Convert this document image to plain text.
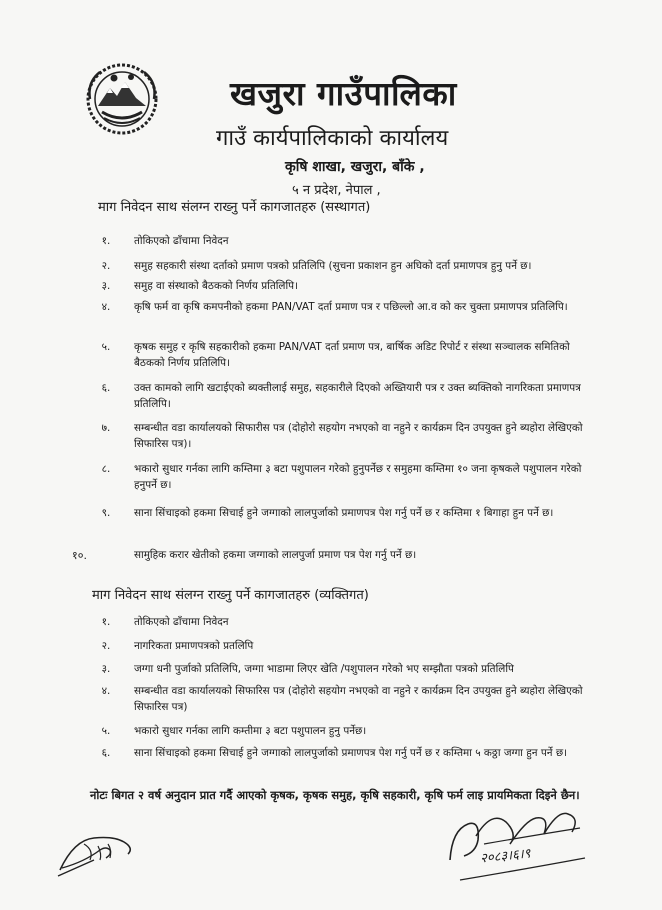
खजुरा गाउँपालिका
गाउँ कार्यपालिकाको कार्यालय
कृषि शाखा, खजुरा, बाँके ,
५ न प्रदेश, नेपाल ,
माग निवेदन साथ संलग्न राख्नु पर्ने कागजातहरु (सस्थागत)
१.	तोकिएको ढाँचामा निवेदन
२.	समुह सहकारी संस्था दर्ताको प्रमाण पत्रको प्रतिलिपि (सुचना प्रकाशन हुन अघिको दर्ता प्रमाणपत्र हुनु पर्ने छ।
३.	समुह वा संस्थाको बैठकको निर्णय प्रतिलिपि।
४.	कृषि फर्म वा कृषि कमपनीको हकमा PAN/VAT दर्ता प्रमाण पत्र र पछिल्लो आ.व को कर चुक्ता प्रमाणपत्र प्रतिलिपि।
५.	कृषक समुह र कृषि सहकारीको हकमा PAN/VAT दर्ता प्रमाण पत्र, बार्षिक अडिट रिपोर्ट र संस्था सञ्चालक समितिको बैठकको निर्णय प्रतिलिपि।
६.	उक्त कामको लागि खटाईएको ब्यक्तीलाई समुह, सहकारीले दिएको अख्तियारी पत्र र उक्त ब्यक्तिको नागरिकता प्रमाणपत्र प्रतिलिपि।
७.	सम्बन्धीत वडा कार्यालयको सिफारीस पत्र (दोहोरो सहयोग नभएको वा नहुने र कार्यक्रम दिन उपयुक्त हुने ब्यहोरा लेखिएको सिफारिस पत्र)।
८.	भकारो सुधार गर्नका लागि कम्तिमा ३ बटा पशुपालन गरेको हुनुपर्नेछ र समुहमा कम्तिमा १० जना कृषकले पशुपालन गरेको हनुपर्ने छ।
९.	साना सिंचाइको हकमा सिचाई हुने जग्गाको लालपुर्जाको प्रमाणपत्र पेश गर्नु पर्ने छ र कम्तिमा १ बिगाहा हुन पर्ने छ।
१०.	सामुहिक करार खेतीको हकमा जग्गाको लालपुर्जा प्रमाण पत्र पेश गर्नु पर्ने छ।
माग निवेदन साथ संलग्न राख्नु पर्ने कागजातहरु (व्यक्तिगत)
१.	तोकिएको ढाँचामा निवेदन
२.	नागरिकता प्रमाणपत्रको प्रतलिपि
३.	जग्गा धनी पुर्जाको प्रतिलिपि, जग्गा भाडामा लिएर खेति /पशुपालन गरेको भए सम्झौता पत्रको प्रतिलिपि
४.	सम्बन्धीत वडा कार्यालयको सिफारिस पत्र (दोहोरो सहयोग नभएको वा नहुने र कार्यक्रम दिन उपयुक्त हुने ब्यहोरा लेखिएको सिफारिस पत्र)
५.	भकारो सुधार गर्नका लागि कम्तीमा ३ बटा पशुपालन हुनु पर्नेछ।
६.	साना सिंचाइको हकमा सिचाई हुने जग्गाको लालपुर्जाको प्रमाणपत्र पेश गर्नु पर्ने छ र कम्तिमा ५ कठ्ठा जग्गा हुन पर्ने छ।
नोटः बिगत २ वर्ष अनुदान प्रात गर्दै आएको कृषक, कृषक समुह, कृषि सहकारी, कृषि फर्म लाइ प्रायमिकता दिइने छैन।
२०८३।६।९
